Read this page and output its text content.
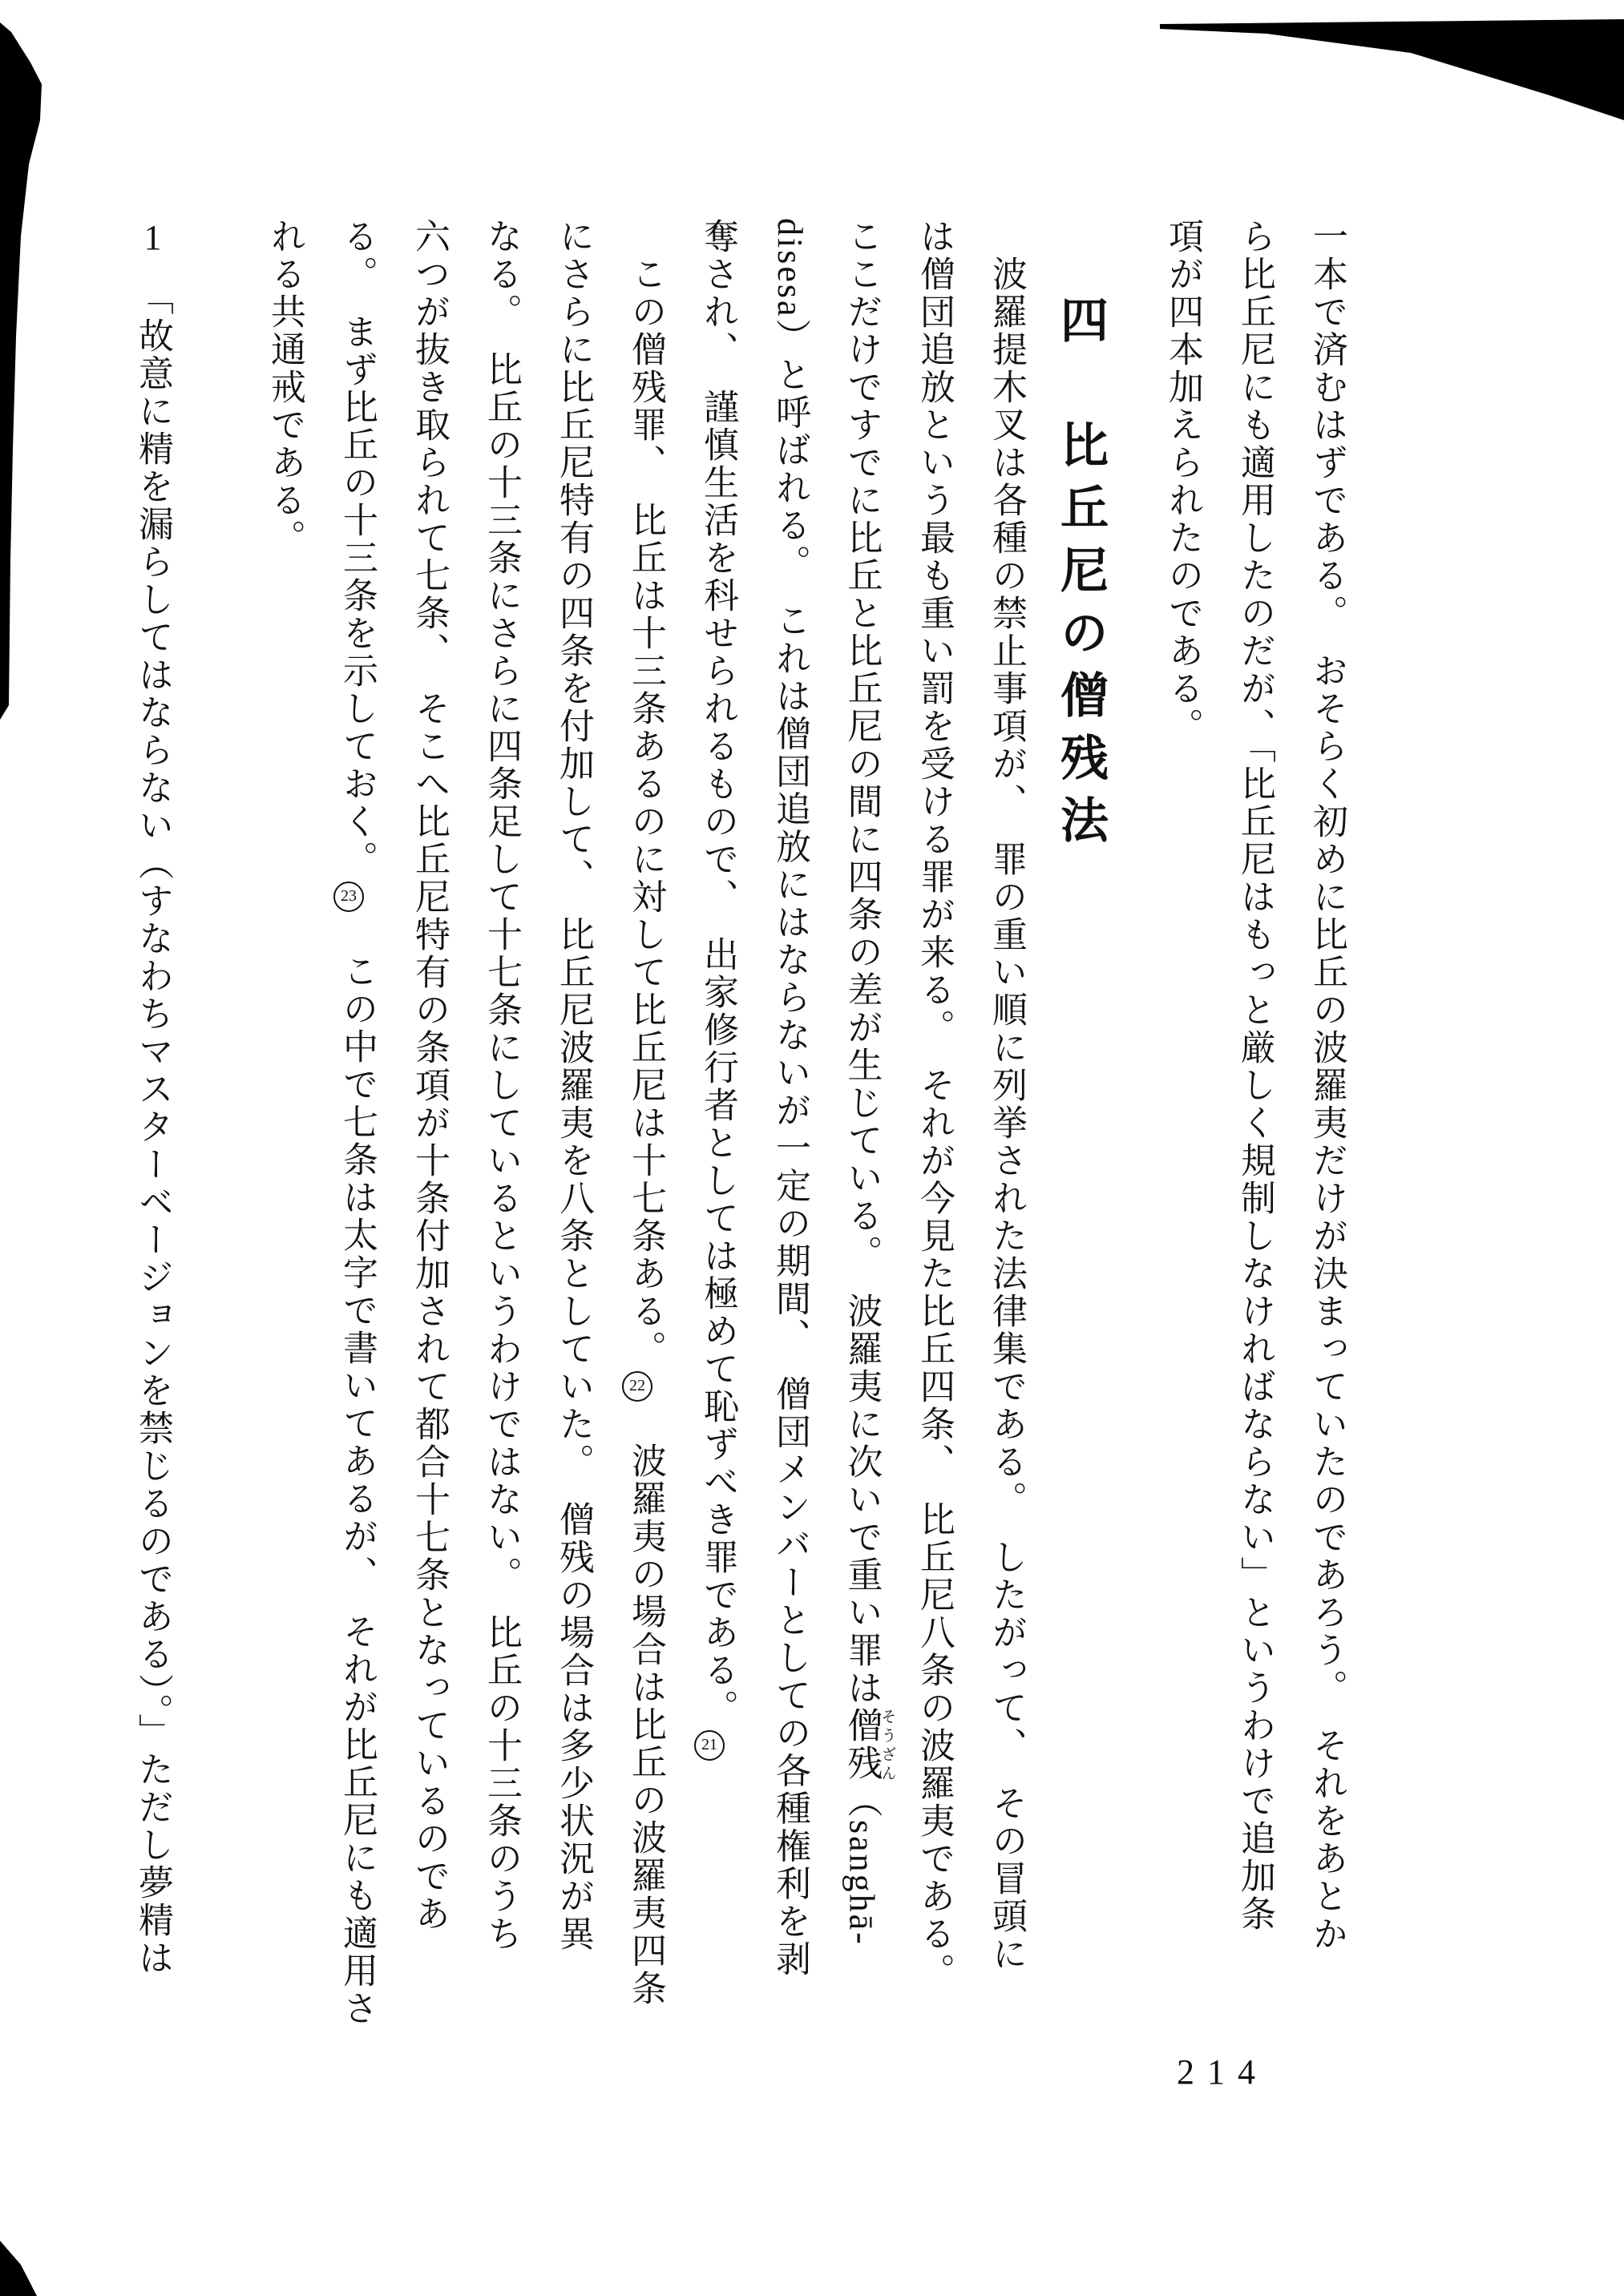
一本で済むはずである。　おそらく初めに比丘の波羅夷だけが決まっていたのであろう。　それをあとか
ら比丘尼にも適用したのだが、「比丘尼はもっと厳しく規制しなければならない」というわけで追加条
項が四本加えられたのである。
四　比丘尼の僧残法
波羅提木叉は各種の禁止事項が、　罪の重い順に列挙された法律集である。　したがって、　その冒頭に
は僧団追放という最も重い罰を受ける罪が来る。　それが今見た比丘四条、　比丘尼八条の波羅夷である。
ここだけですでに比丘と比丘尼の間に四条の差が生じている。　波羅夷に次いで重い罪は僧残そうざん（sanghā-
disesa）と呼ばれる。　これは僧団追放にはならないが一定の期間、　僧団メンバーとしての各種権利を剥
奪され、　謹慎生活を科せられるもので、　出家修行者としては極めて恥ずべき罪である。21
この僧残罪、　比丘は十三条あるのに対して比丘尼は十七条ある。22　波羅夷の場合は比丘の波羅夷四条
にさらに比丘尼特有の四条を付加して、　比丘尼波羅夷を八条としていた。　僧残の場合は多少状況が異
なる。　比丘の十三条にさらに四条足して十七条にしているというわけではない。　比丘の十三条のうち
六つが抜き取られて七条、　そこへ比丘尼特有の条項が十条付加されて都合十七条となっているのであ
る。　まず比丘の十三条を示しておく。23　この中で七条は太字で書いてあるが、　それが比丘尼にも適用さ
れる共通戒である。
1　「故意に精を漏らしてはならない（すなわちマスターベージョンを禁じるのである）。」ただし夢精は
214
